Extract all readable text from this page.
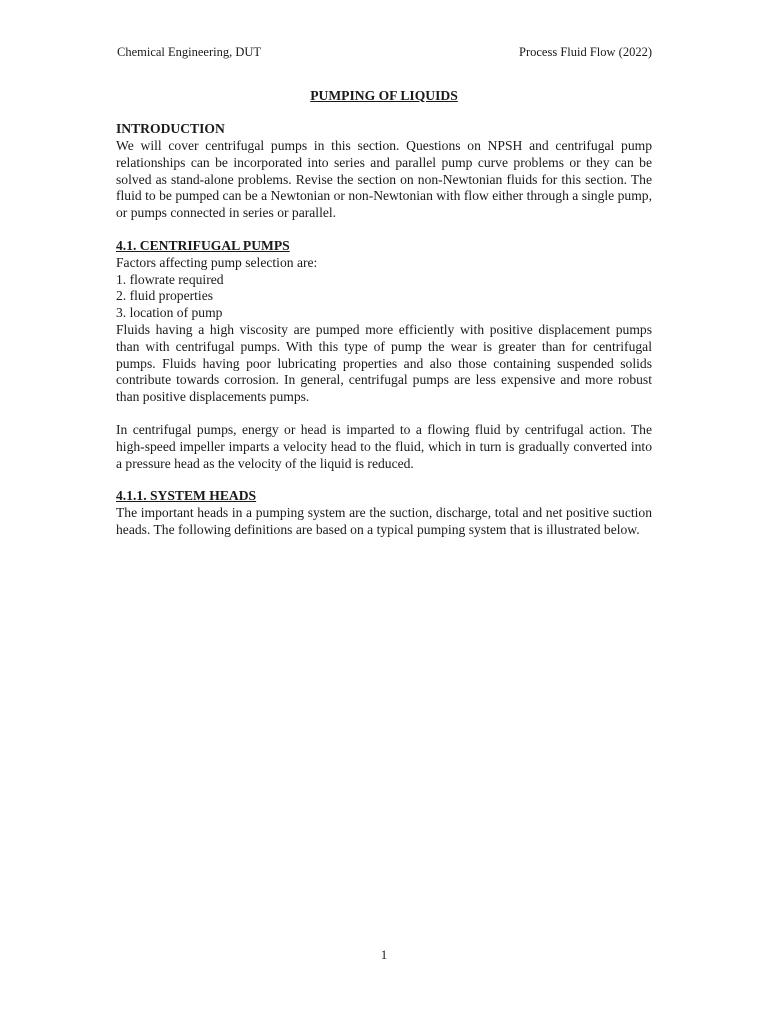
Chemical Engineering, DUT	Process Fluid Flow (2022)
PUMPING OF LIQUIDS
INTRODUCTION

We will cover centrifugal pumps in this section. Questions on NPSH and centrifugal pump relationships can be incorporated into series and parallel pump curve problems or they can be solved as stand-alone problems. Revise the section on non-Newtonian fluids for this section. The fluid to be pumped can be a Newtonian or non-Newtonian with flow either through a single pump, or pumps connected in series or parallel.

4.1. CENTRIFUGAL PUMPS

Factors affecting pump selection are:

1. flowrate required

2. fluid properties

3. location of pump

Fluids having a high viscosity are pumped more efficiently with positive displacement pumps than with centrifugal pumps. With this type of pump the wear is greater than for centrifugal pumps. Fluids having poor lubricating properties and also those containing suspended solids contribute towards corrosion. In general, centrifugal pumps are less expensive and more robust than positive displacements pumps.

In centrifugal pumps, energy or head is imparted to a flowing fluid by centrifugal action. The high-speed impeller imparts a velocity head to the fluid, which in turn is gradually converted into a pressure head as the velocity of the liquid is reduced.

4.1.1. SYSTEM HEADS

The important heads in a pumping system are the suction, discharge, total and net positive suction heads. The following definitions are based on a typical pumping system that is illustrated below.

1
